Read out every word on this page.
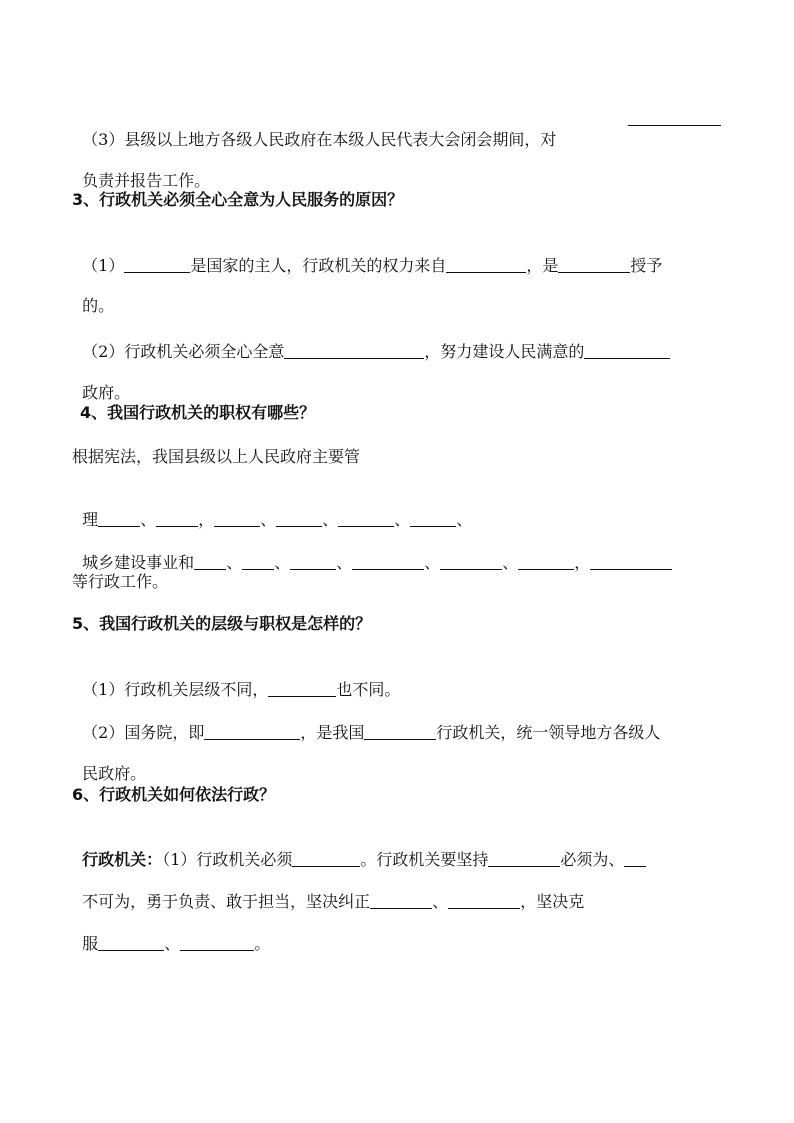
（3）县级以上地方各级人民政府在本级人民代表大会闭会期间，对

负责并报告工作。

3、行政机关必须全心全意为人民服务的原因？

（1）	是国家的主人，行政机关的权力来自	，是	授予

的。

（2）行政机关必须全心全意	，努力建设人民满意的

政府。

4、我国行政机关的职权有哪些？
根据宪法，我国县级以上人民政府主要管

理	、	，	、	、	、	、

城乡建设事业和 、 、	、	、	、	，

等行政工作。
5、我国行政机关的层级与职权是怎样的？

（1）行政机关层级不同，	也不同。

（2）国务院，即	，是我国	行政机关，统一领导地方各级人

民政府。

6、行政机关如何依法行政？

行政机关：（1）行政机关必须	。行政机关要坚持	必须为、

不可为，勇于负责、敢于担当，坚决纠正	、	，坚决克

服	、	。
